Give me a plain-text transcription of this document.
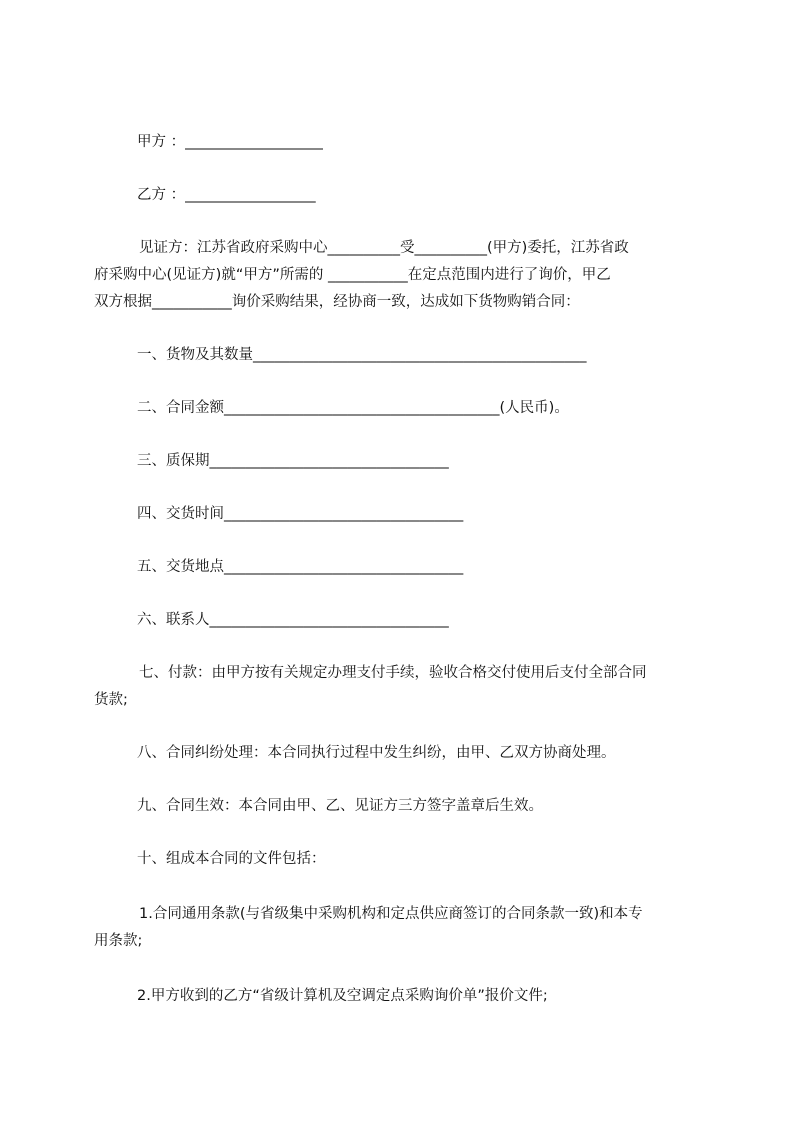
甲方 ：___________________

乙方 ：__________________

见证方：江苏省政府采购中心__________受__________(甲方)委托，江苏省政

府采购中心(见证方)就“甲方”所需的 ___________在定点范围内进行了询价，甲乙

双方根据___________询价采购结果，经协商一致，达成如下货物购销合同：

一、货物及其数量______________________________________________

二、合同金额______________________________________(人民币)。

三、质保期_________________________________

四、交货时间_________________________________

五、交货地点_________________________________

六、联系人_________________________________

七、付款：由甲方按有关规定办理支付手续，验收合格交付使用后支付全部合同

货款;

八、合同纠纷处理：本合同执行过程中发生纠纷，由甲、乙双方协商处理。

九、合同生效：本合同由甲、乙、见证方三方签字盖章后生效。

十、组成本合同的文件包括：

1.合同通用条款(与省级集中采购机构和定点供应商签订的合同条款一致)和本专

用条款;

2.甲方收到的乙方“省级计算机及空调定点采购询价单”报价文件;
